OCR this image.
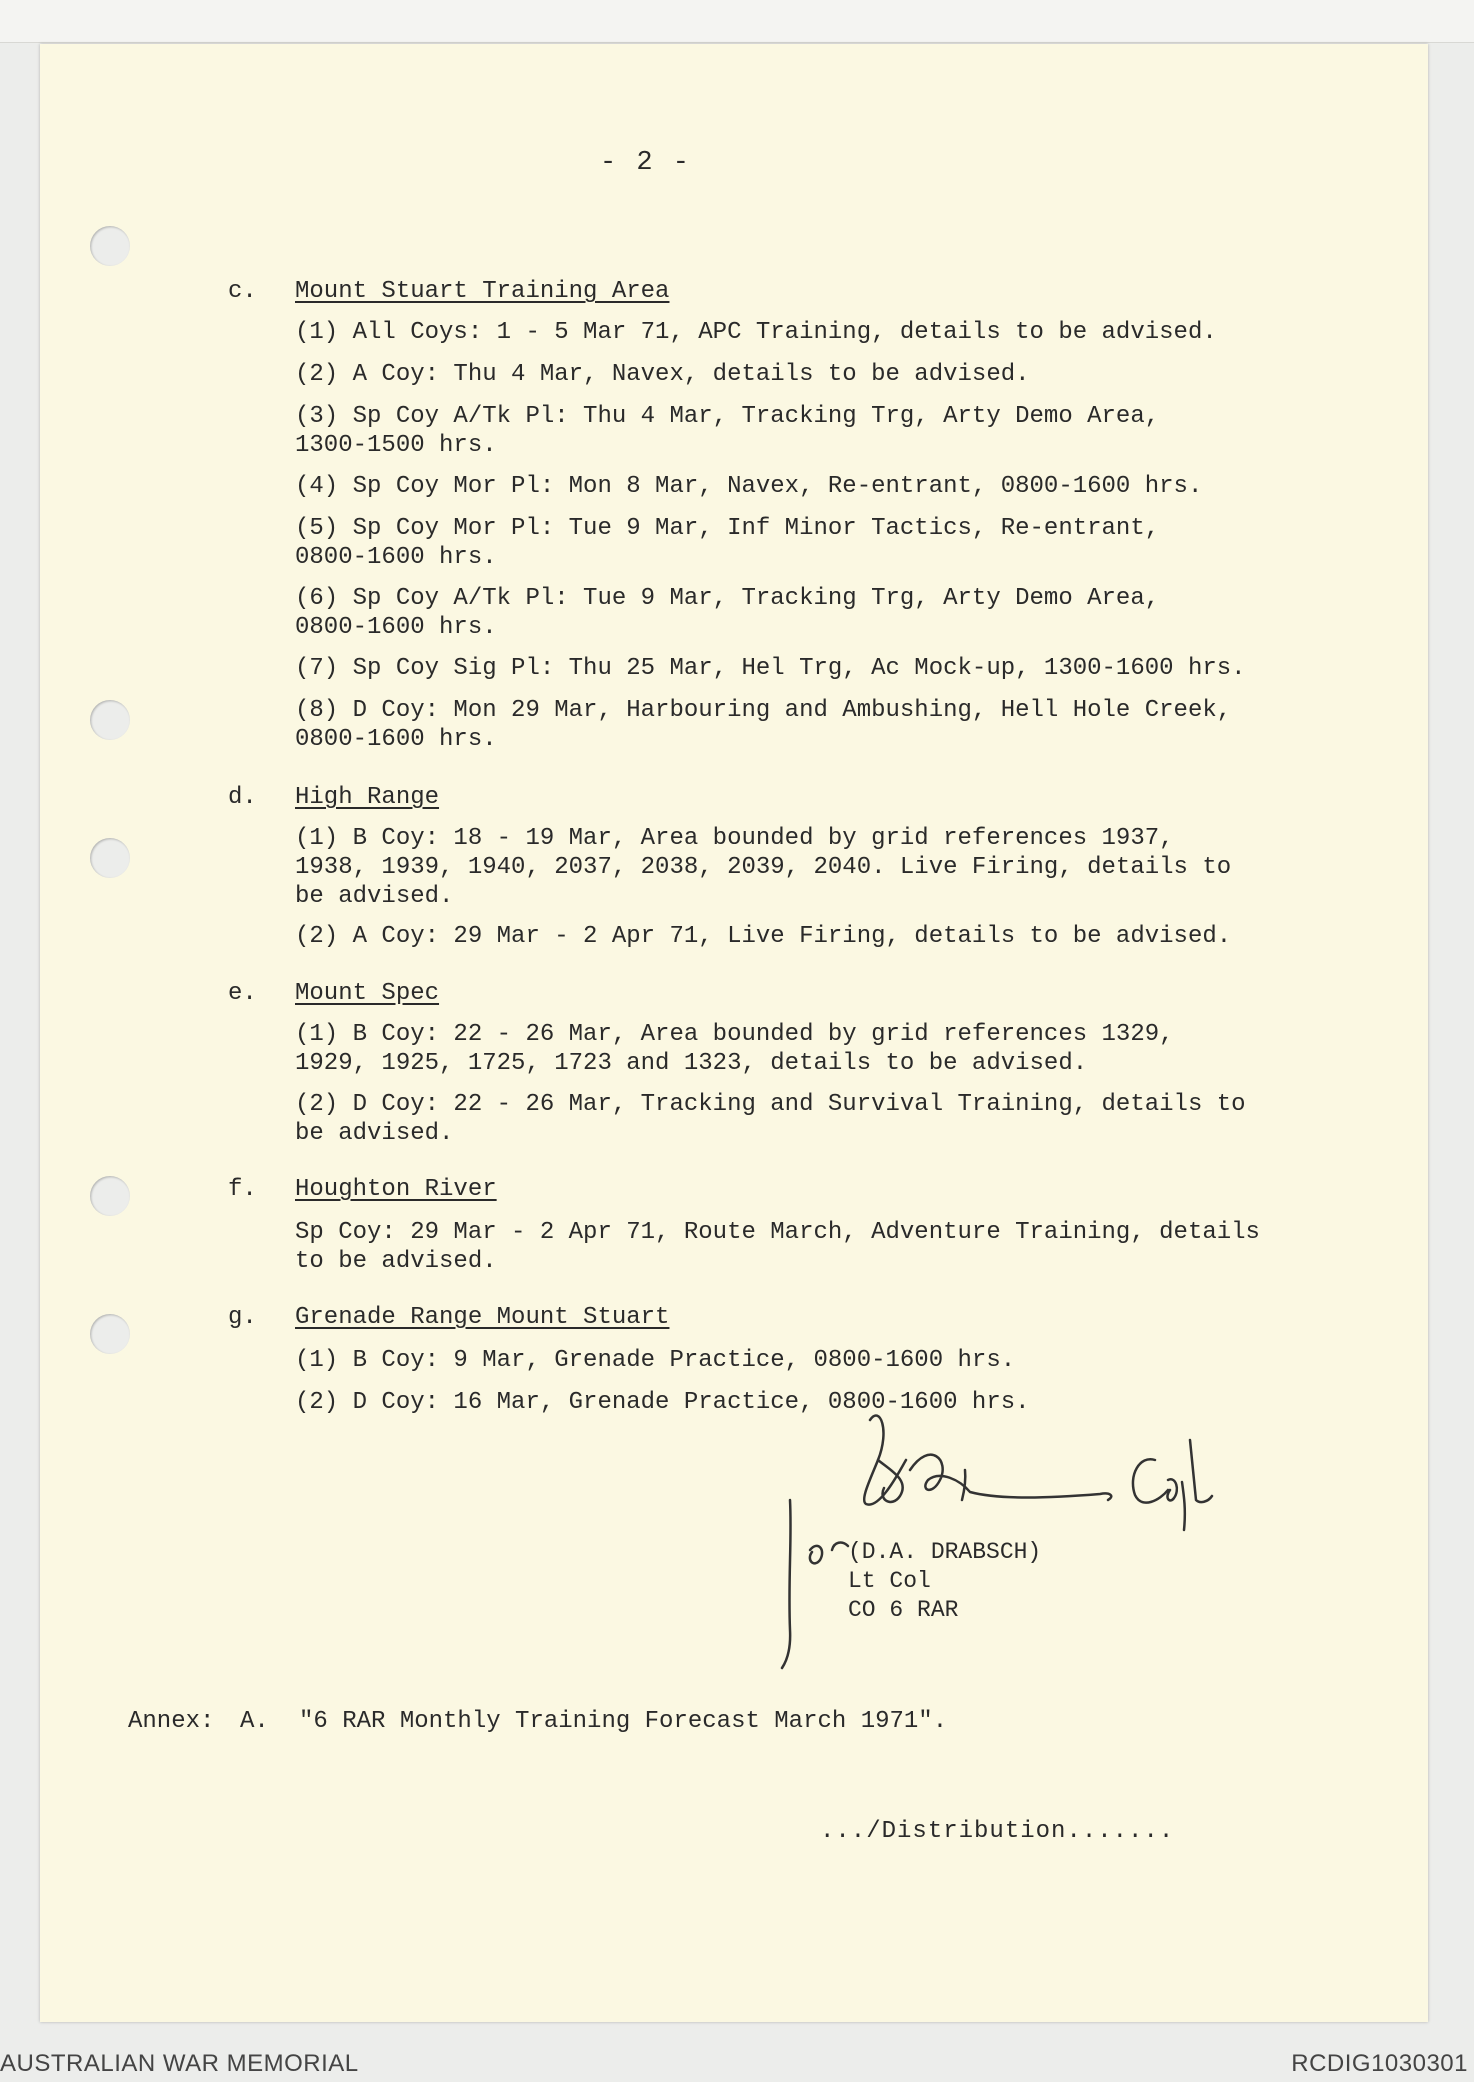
- 2 -
c. Mount Stuart Training Area
(1) All Coys: 1 - 5 Mar 71, APC Training, details to be advised.
(2) A Coy: Thu 4 Mar, Navex, details to be advised.
(3) Sp Coy A/Tk Pl: Thu 4 Mar, Tracking Trg, Arty Demo Area,
1300-1500 hrs.
(4) Sp Coy Mor Pl: Mon 8 Mar, Navex, Re-entrant, 0800-1600 hrs.
(5) Sp Coy Mor Pl: Tue 9 Mar, Inf Minor Tactics, Re-entrant,
0800-1600 hrs.
(6) Sp Coy A/Tk Pl: Tue 9 Mar, Tracking Trg, Arty Demo Area,
0800-1600 hrs.
(7) Sp Coy Sig Pl: Thu 25 Mar, Hel Trg, Ac Mock-up, 1300-1600 hrs.
(8) D Coy: Mon 29 Mar, Harbouring and Ambushing, Hell Hole Creek,
0800-1600 hrs.
d. High Range
(1) B Coy: 18 - 19 Mar, Area bounded by grid references 1937,
1938, 1939, 1940, 2037, 2038, 2039, 2040. Live Firing, details to
be advised.
(2) A Coy: 29 Mar - 2 Apr 71, Live Firing, details to be advised.
e. Mount Spec
(1) B Coy: 22 - 26 Mar, Area bounded by grid references 1329,
1929, 1925, 1725, 1723 and 1323, details to be advised.
(2) D Coy: 22 - 26 Mar, Tracking and Survival Training, details to
be advised.
f. Houghton River
Sp Coy: 29 Mar - 2 Apr 71, Route March, Adventure Training, details
to be advised.
g. Grenade Range Mount Stuart
(1) B Coy: 9 Mar, Grenade Practice, 0800-1600 hrs.
(2) D Coy: 16 Mar, Grenade Practice, 0800-1600 hrs.
(D.A. DRABSCH)
Lt Col
CO 6 RAR
Annex: A. "6 RAR Monthly Training Forecast March 1971".
.../Distribution.......
AUSTRALIAN WAR MEMORIAL	RCDIG1030301
